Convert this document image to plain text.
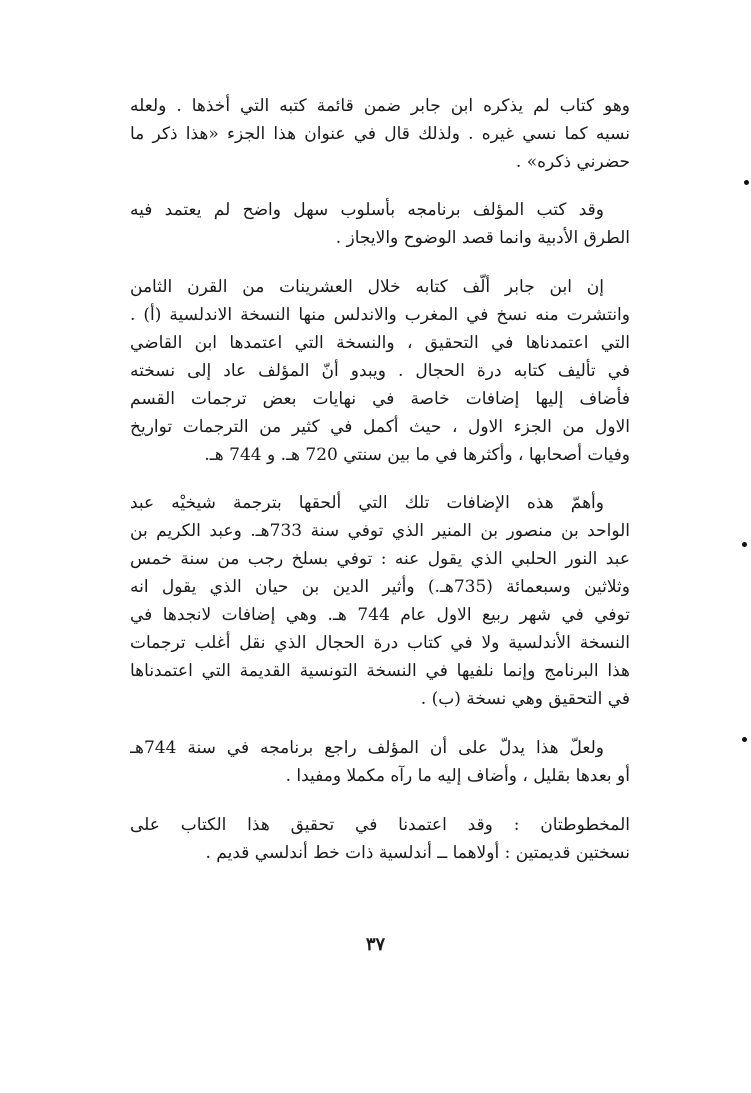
وهو كتاب لم يذكره ابن جابر ضمن قائمة كتبه التي أخذها . ولعله
نسيه كما نسي غيره . ولذلك قال في عنوان هذا الجزء «هذا ذكر ما
حضرني ذكره» .

وقد كتب المؤلف برنامجه بأسلوب سهل واضح لم يعتمد فيه
الطرق الأدبية وانما قصد الوضوح والايجاز .

إن ابن جابر ألّف كتابه خلال العشرينات من القرن الثامن
وانتشرت منه نسخ في المغرب والاندلس منها النسخة الاندلسية (أ) .
التي اعتمدناها في التحقيق ، والنسخة التي اعتمدها ابن القاضي
في تأليف كتابه درة الحجال . ويبدو أنّ المؤلف عاد إلى نسخته
فأضاف إليها إضافات خاصة في نهايات بعض ترجمات القسم
الاول من الجزء الاول ، حيث أكمل في كثير من الترجمات تواريخ
وفيات أصحابها ، وأكثرها في ما بين سنتي 720 هـ. و 744 هـ.

وأهمّ هذه الإضافات تلك التي ألحقها بترجمة شيخيْه عبد
الواحد بن منصور بن المنير الذي توفي سنة 733هـ. وعبد الكريم بن
عبد النور الحلبي الذي يقول عنه : توفي بسلخ رجب من سنة خمس
وثلاثين وسبعمائة (735هـ.) وأثير الدين بن حيان الذي يقول انه
توفي في شهر ربيع الاول عام 744 هـ. وهي إضافات لانجدها في
النسخة الأندلسية ولا في كتاب درة الحجال الذي نقل أغلب ترجمات
هذا البرنامج وإنما نلفيها في النسخة التونسية القديمة التي اعتمدناها
في التحقيق وهي نسخة (ب) .

ولعلّ هذا يدلّ على أن المؤلف راجع برنامجه في سنة 744هـ
أو بعدها بقليل ، وأضاف إليه ما رآه مكملا ومفيدا .

المخطوطتان : وقد اعتمدنا في تحقيق هذا الكتاب على
نسختين قديمتين : أولاهما ــ أندلسية ذات خط أندلسي قديم .

٣٧
